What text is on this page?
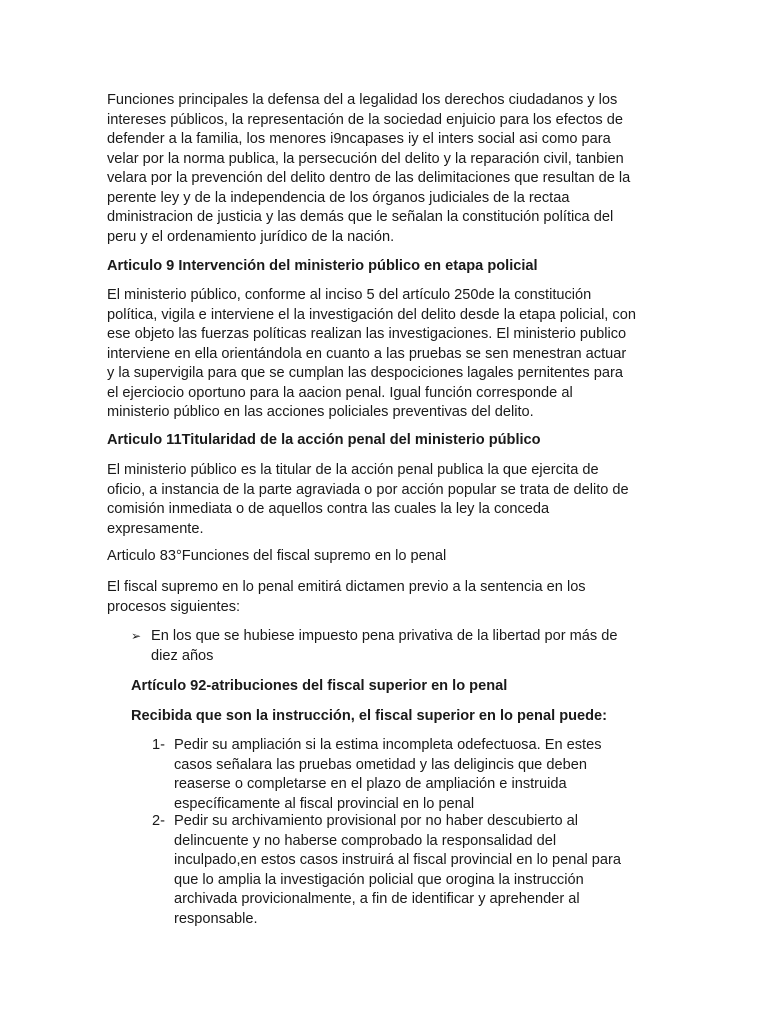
Funciones principales la defensa del a legalidad los derechos ciudadanos y los
intereses públicos, la representación de la sociedad enjuicio para los efectos de
defender a la familia, los menores i9ncapases iy el inters social asi como para
velar por la norma publica, la persecución del delito y la reparación civil, tanbien
velara por la prevención del delito dentro de las delimitaciones que resultan de la
perente ley y de la independencia de los órganos judiciales de la rectaa
dministracion de justicia y las demás que le señalan la constitución política del
peru y el ordenamiento jurídico de la nación.

Articulo 9 Intervención del ministerio público en etapa policial

El ministerio público, conforme al inciso 5 del artículo 250de la constitución
política, vigila e interviene el la investigación del delito desde la etapa policial, con
ese objeto las fuerzas políticas realizan las investigaciones. El ministerio publico
interviene en ella orientándola en cuanto a las pruebas se sen menestran actuar
y la supervigila para que se cumplan las despociciones lagales pernitentes para
el ejerciocio oportuno para la aacion penal. Igual función corresponde al
ministerio público en las acciones policiales preventivas del delito.

Articulo 11Titularidad de la acción penal del ministerio público

El ministerio público es la titular de la acción penal publica la que ejercita de
oficio, a instancia de la parte agraviada o por acción popular se trata de delito de
comisión inmediata o de aquellos contra las cuales la ley la conceda
expresamente.

Articulo 83°Funciones del fiscal supremo en lo penal

El fiscal supremo en lo penal emitirá dictamen previo a la sentencia en los
procesos siguientes:

➢ En los que se hubiese impuesto pena privativa de la libertad por más de
diez años

Artículo 92-atribuciones del fiscal superior en lo penal

Recibida que son la instrucción, el fiscal superior en lo penal puede:

1- Pedir su ampliación si la estima incompleta odefectuosa. En estes
casos señalara las pruebas ometidad y las deligincis que deben
reaserse o completarse en el plazo de ampliación e instruida
específicamente al fiscal provincial en lo penal
2- Pedir su archivamiento provisional por no haber descubierto al
delincuente y no haberse comprobado la responsalidad del
inculpado,en estos casos instruirá al fiscal provincial en lo penal para
que lo amplia la investigación policial que orogina la instrucción
archivada provicionalmente, a fin de identificar y aprehender al
responsable.
